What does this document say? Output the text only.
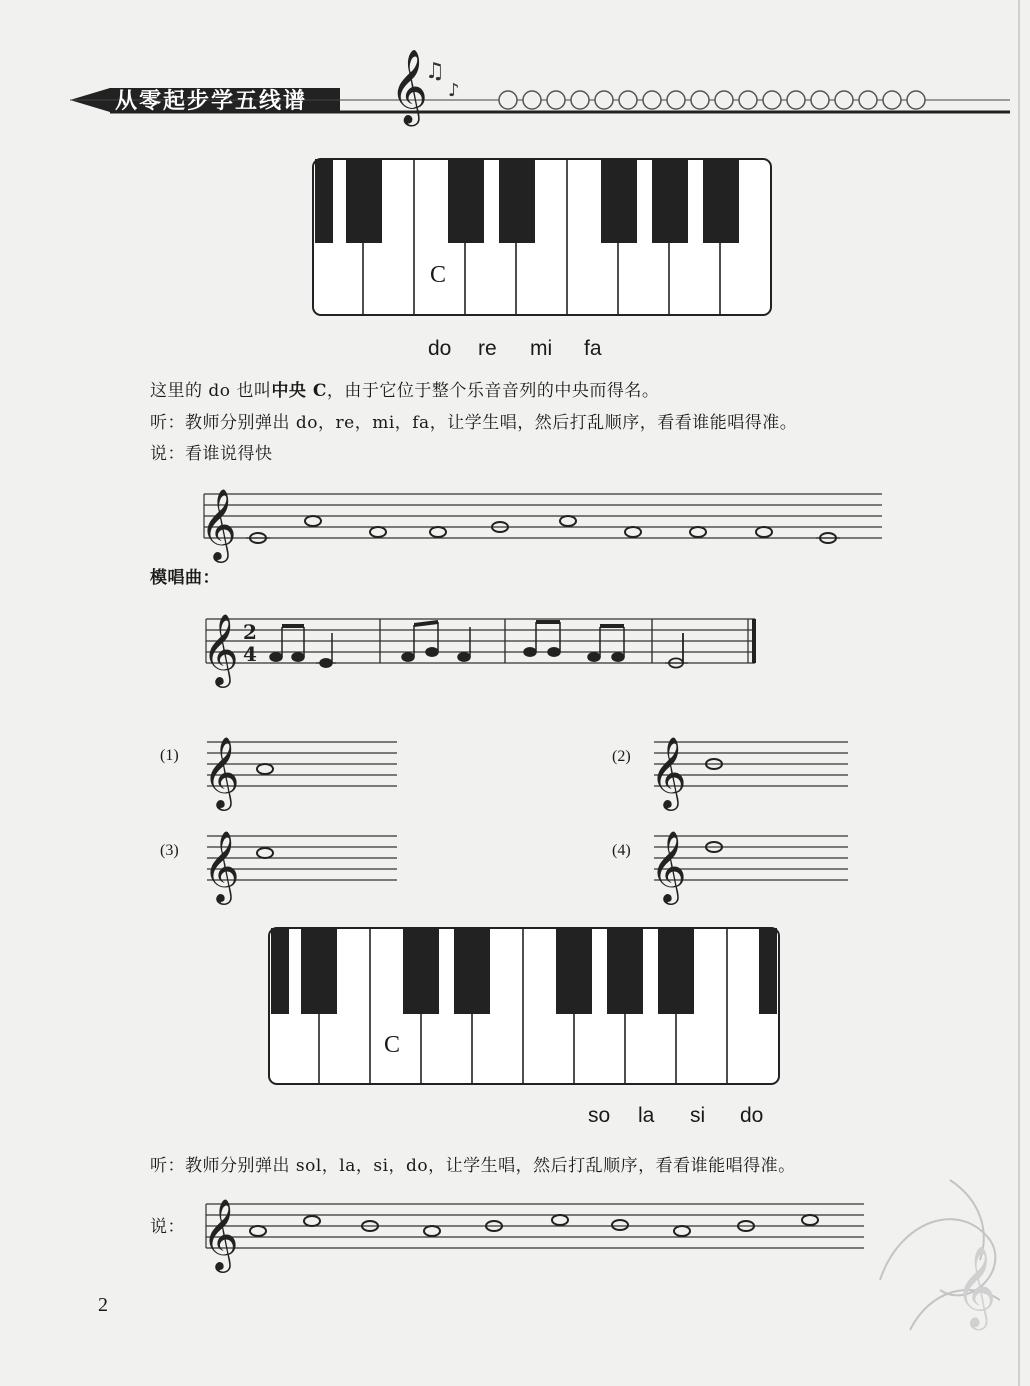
𝄞
♫
♪
从零起步学五线谱
C
do re mi fa
这里的 do 也叫中央 C，由于它位于整个乐音音列的中央而得名。
听：教师分别弹出 do，re，mi，fa，让学生唱，然后打乱顺序，看看谁能唱得准。
说：看谁说得快
𝄞
模唱曲：
𝄞 2
4
(1) 𝄞	(2) 𝄞
(3) 𝄞	(4) 𝄞
C
so la si do
听：教师分别弹出 sol，la，si，do，让学生唱，然后打乱顺序，看看谁能唱得准。
说： 𝄞
𝄞
2
